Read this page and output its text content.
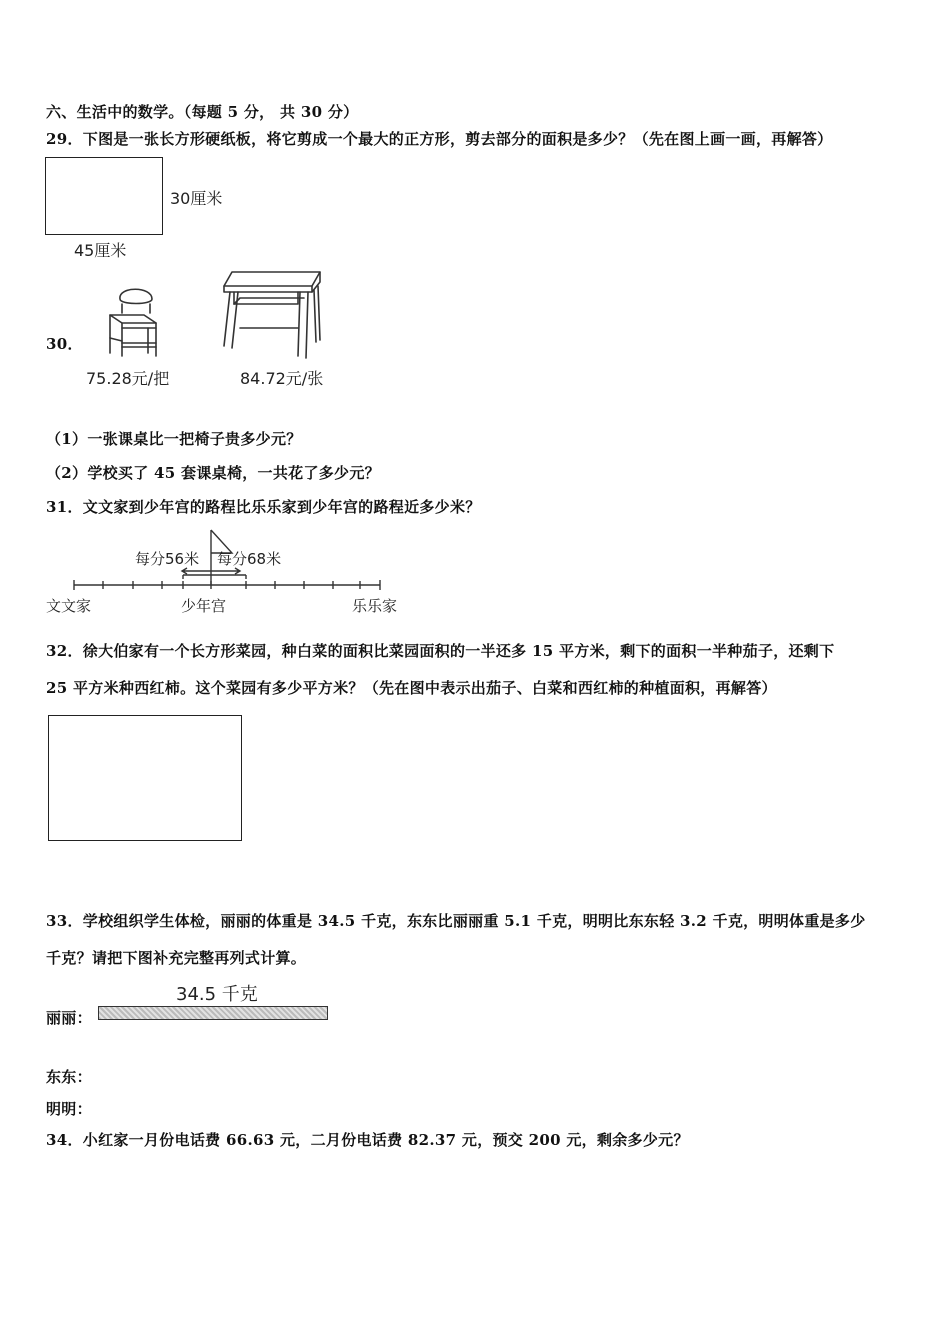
六、生活中的数学。（每题 5 分， 共 30 分）
29．下图是一张长方形硬纸板，将它剪成一个最大的正方形，剪去部分的面积是多少？（先在图上画一画，再解答）
30厘米
45厘米
30．
75.28元/把	84.72元/张
（1）一张课桌比一把椅子贵多少元？
（2）学校买了 45 套课桌椅，一共花了多少元？
31．文文家到少年宫的路程比乐乐家到少年宫的路程近多少米？
每分56米 每分68米
文文家	少年宫	乐乐家
32．徐大伯家有一个长方形菜园，种白菜的面积比菜园面积的一半还多 15 平方米，剩下的面积一半种茄子，还剩下
25 平方米种西红柿。这个菜园有多少平方米？（先在图中表示出茄子、白菜和西红柿的种植面积，再解答）
33．学校组织学生体检，丽丽的体重是 34.5 千克，东东比丽丽重 5.1 千克，明明比东东轻 3.2 千克，明明体重是多少
千克？请把下图补充完整再列式计算。
34.5 千克
丽丽：
东东：
明明：
34．小红家一月份电话费 66.63 元，二月份电话费 82.37 元，预交 200 元，剩余多少元？
